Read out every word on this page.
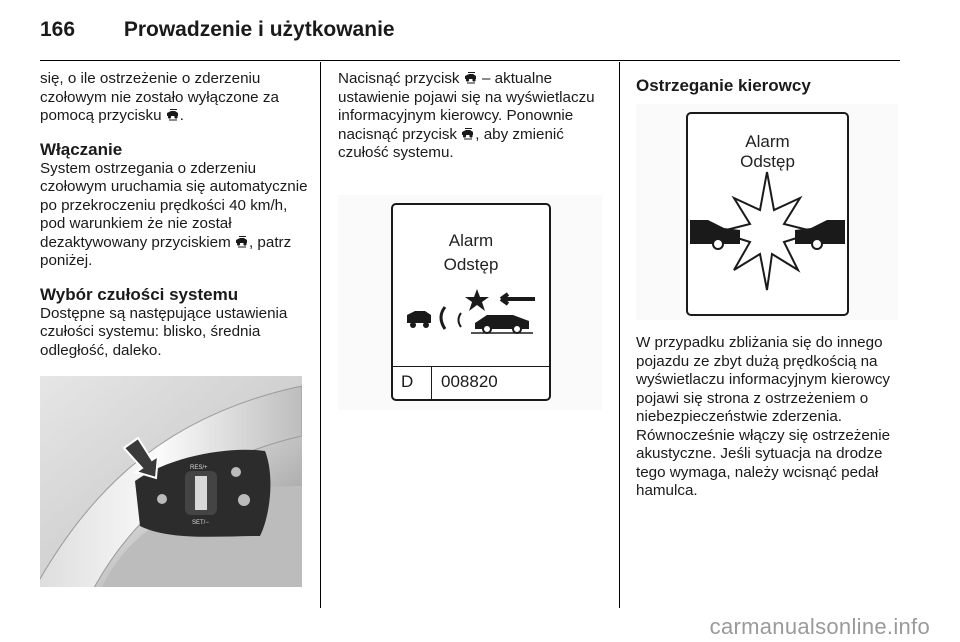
166 Prowadzenie i użytkowanie

się, o ile ostrzeżenie o zderzeniu czołowym nie zostało wyłączone za pomocą przycisku .

Włączanie

System ostrzegania o zderzeniu czołowym uruchamia się automatycznie po przekroczeniu prędkości 40 km/h, pod warunkiem że nie został dezaktywowany przyciskiem , patrz poniżej.

Wybór czułości systemu

Dostępne są następujące ustawienia czułości systemu: blisko, średnia odległość, daleko.

RES/+
SET/−

Nacisnąć przycisk – aktualne ustawienie pojawi się na wyświetlaczu informacyjnym kierowcy. Ponownie nacisnąć przycisk , aby zmienić czułość systemu.

Alarm
Odstęp
D 008820
Ostrzeganie kierowcy
Alarm
Odstęp

W przypadku zbliżania się do innego pojazdu ze zbyt dużą prędkością na wyświetlaczu informacyjnym kierowcy pojawi się strona z ostrzeżeniem o niebezpieczeństwie zderzenia. Równocześnie włączy się ostrzeżenie akustyczne. Jeśli sytuacja na drodze tego wymaga, należy wcisnąć pedał hamulca.

carmanualsonline.info
